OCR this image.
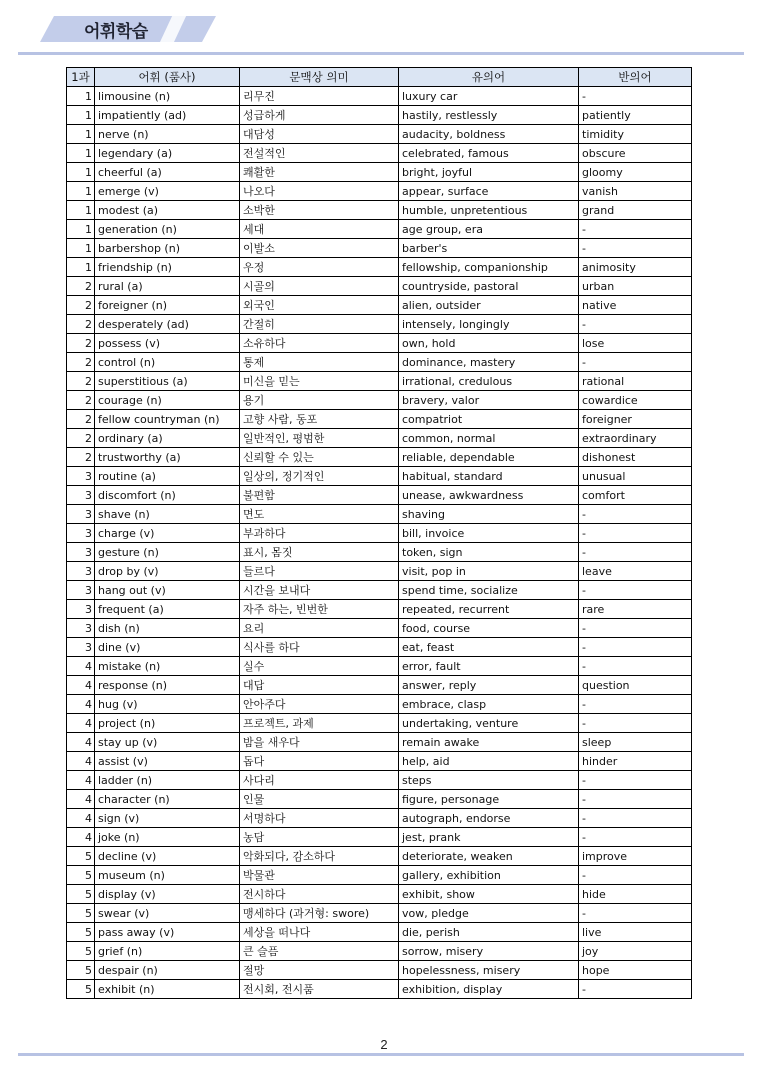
어휘학습
1과	어휘 (품사)	문맥상 의미	유의어	반의어
1	limousine (n)	리무진	luxury car	-
1	impatiently (ad)	성급하게	hastily, restlessly	patiently
1	nerve (n)	대담성	audacity, boldness	timidity
1	legendary (a)	전설적인	celebrated, famous	obscure
1	cheerful (a)	쾌활한	bright, joyful	gloomy
1	emerge (v)	나오다	appear, surface	vanish
1	modest (a)	소박한	humble, unpretentious	grand
1	generation (n)	세대	age group, era	-
1	barbershop (n)	이발소	barber's	-
1	friendship (n)	우정	fellowship, companionship	animosity
2	rural (a)	시골의	countryside, pastoral	urban
2	foreigner (n)	외국인	alien, outsider	native
2	desperately (ad)	간절히	intensely, longingly	-
2	possess (v)	소유하다	own, hold	lose
2	control (n)	통제	dominance, mastery	-
2	superstitious (a)	미신을 믿는	irrational, credulous	rational
2	courage (n)	용기	bravery, valor	cowardice
2	fellow countryman (n)	고향 사람, 동포	compatriot	foreigner
2	ordinary (a)	일반적인, 평범한	common, normal	extraordinary
2	trustworthy (a)	신뢰할 수 있는	reliable, dependable	dishonest
3	routine (a)	일상의, 정기적인	habitual, standard	unusual
3	discomfort (n)	불편함	unease, awkwardness	comfort
3	shave (n)	면도	shaving	-
3	charge (v)	부과하다	bill, invoice	-
3	gesture (n)	표시, 몸짓	token, sign	-
3	drop by (v)	들르다	visit, pop in	leave
3	hang out (v)	시간을 보내다	spend time, socialize	-
3	frequent (a)	자주 하는, 빈번한	repeated, recurrent	rare
3	dish (n)	요리	food, course	-
3	dine (v)	식사를 하다	eat, feast	-
4	mistake (n)	실수	error, fault	-
4	response (n)	대답	answer, reply	question
4	hug (v)	안아주다	embrace, clasp	-
4	project (n)	프로젝트, 과제	undertaking, venture	-
4	stay up (v)	밤을 새우다	remain awake	sleep
4	assist (v)	돕다	help, aid	hinder
4	ladder (n)	사다리	steps	-
4	character (n)	인물	figure, personage	-
4	sign (v)	서명하다	autograph, endorse	-
4	joke (n)	농담	jest, prank	-
5	decline (v)	악화되다, 감소하다	deteriorate, weaken	improve
5	museum (n)	박물관	gallery, exhibition	-
5	display (v)	전시하다	exhibit, show	hide
5	swear (v)	맹세하다 (과거형: swore)	vow, pledge	-
5	pass away (v)	세상을 떠나다	die, perish	live
5	grief (n)	큰 슬픔	sorrow, misery	joy
5	despair (n)	절망	hopelessness, misery	hope
5	exhibit (n)	전시회, 전시품	exhibition, display	-
2
